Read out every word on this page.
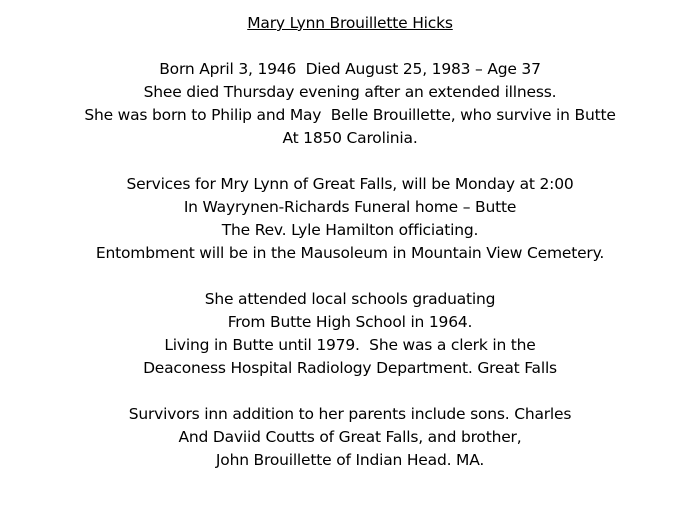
Mary Lynn Brouillette Hicks
Born April 3, 1946  Died August 25, 1983 – Age 37
Shee died Thursday evening after an extended illness.
She was born to Philip and May  Belle Brouillette, who survive in Butte
At 1850 Carolinia.
Services for Mry Lynn of Great Falls, will be Monday at 2:00
In Wayrynen-Richards Funeral home – Butte
The Rev. Lyle Hamilton officiating.
Entombment will be in the Mausoleum in Mountain View Cemetery.
She attended local schools graduating
From Butte High School in 1964.
Living in Butte until 1979.  She was a clerk in the
Deaconess Hospital Radiology Department. Great Falls
Survivors inn addition to her parents include sons. Charles
And Daviid Coutts of Great Falls, and brother,
John Brouillette of Indian Head. MA.
